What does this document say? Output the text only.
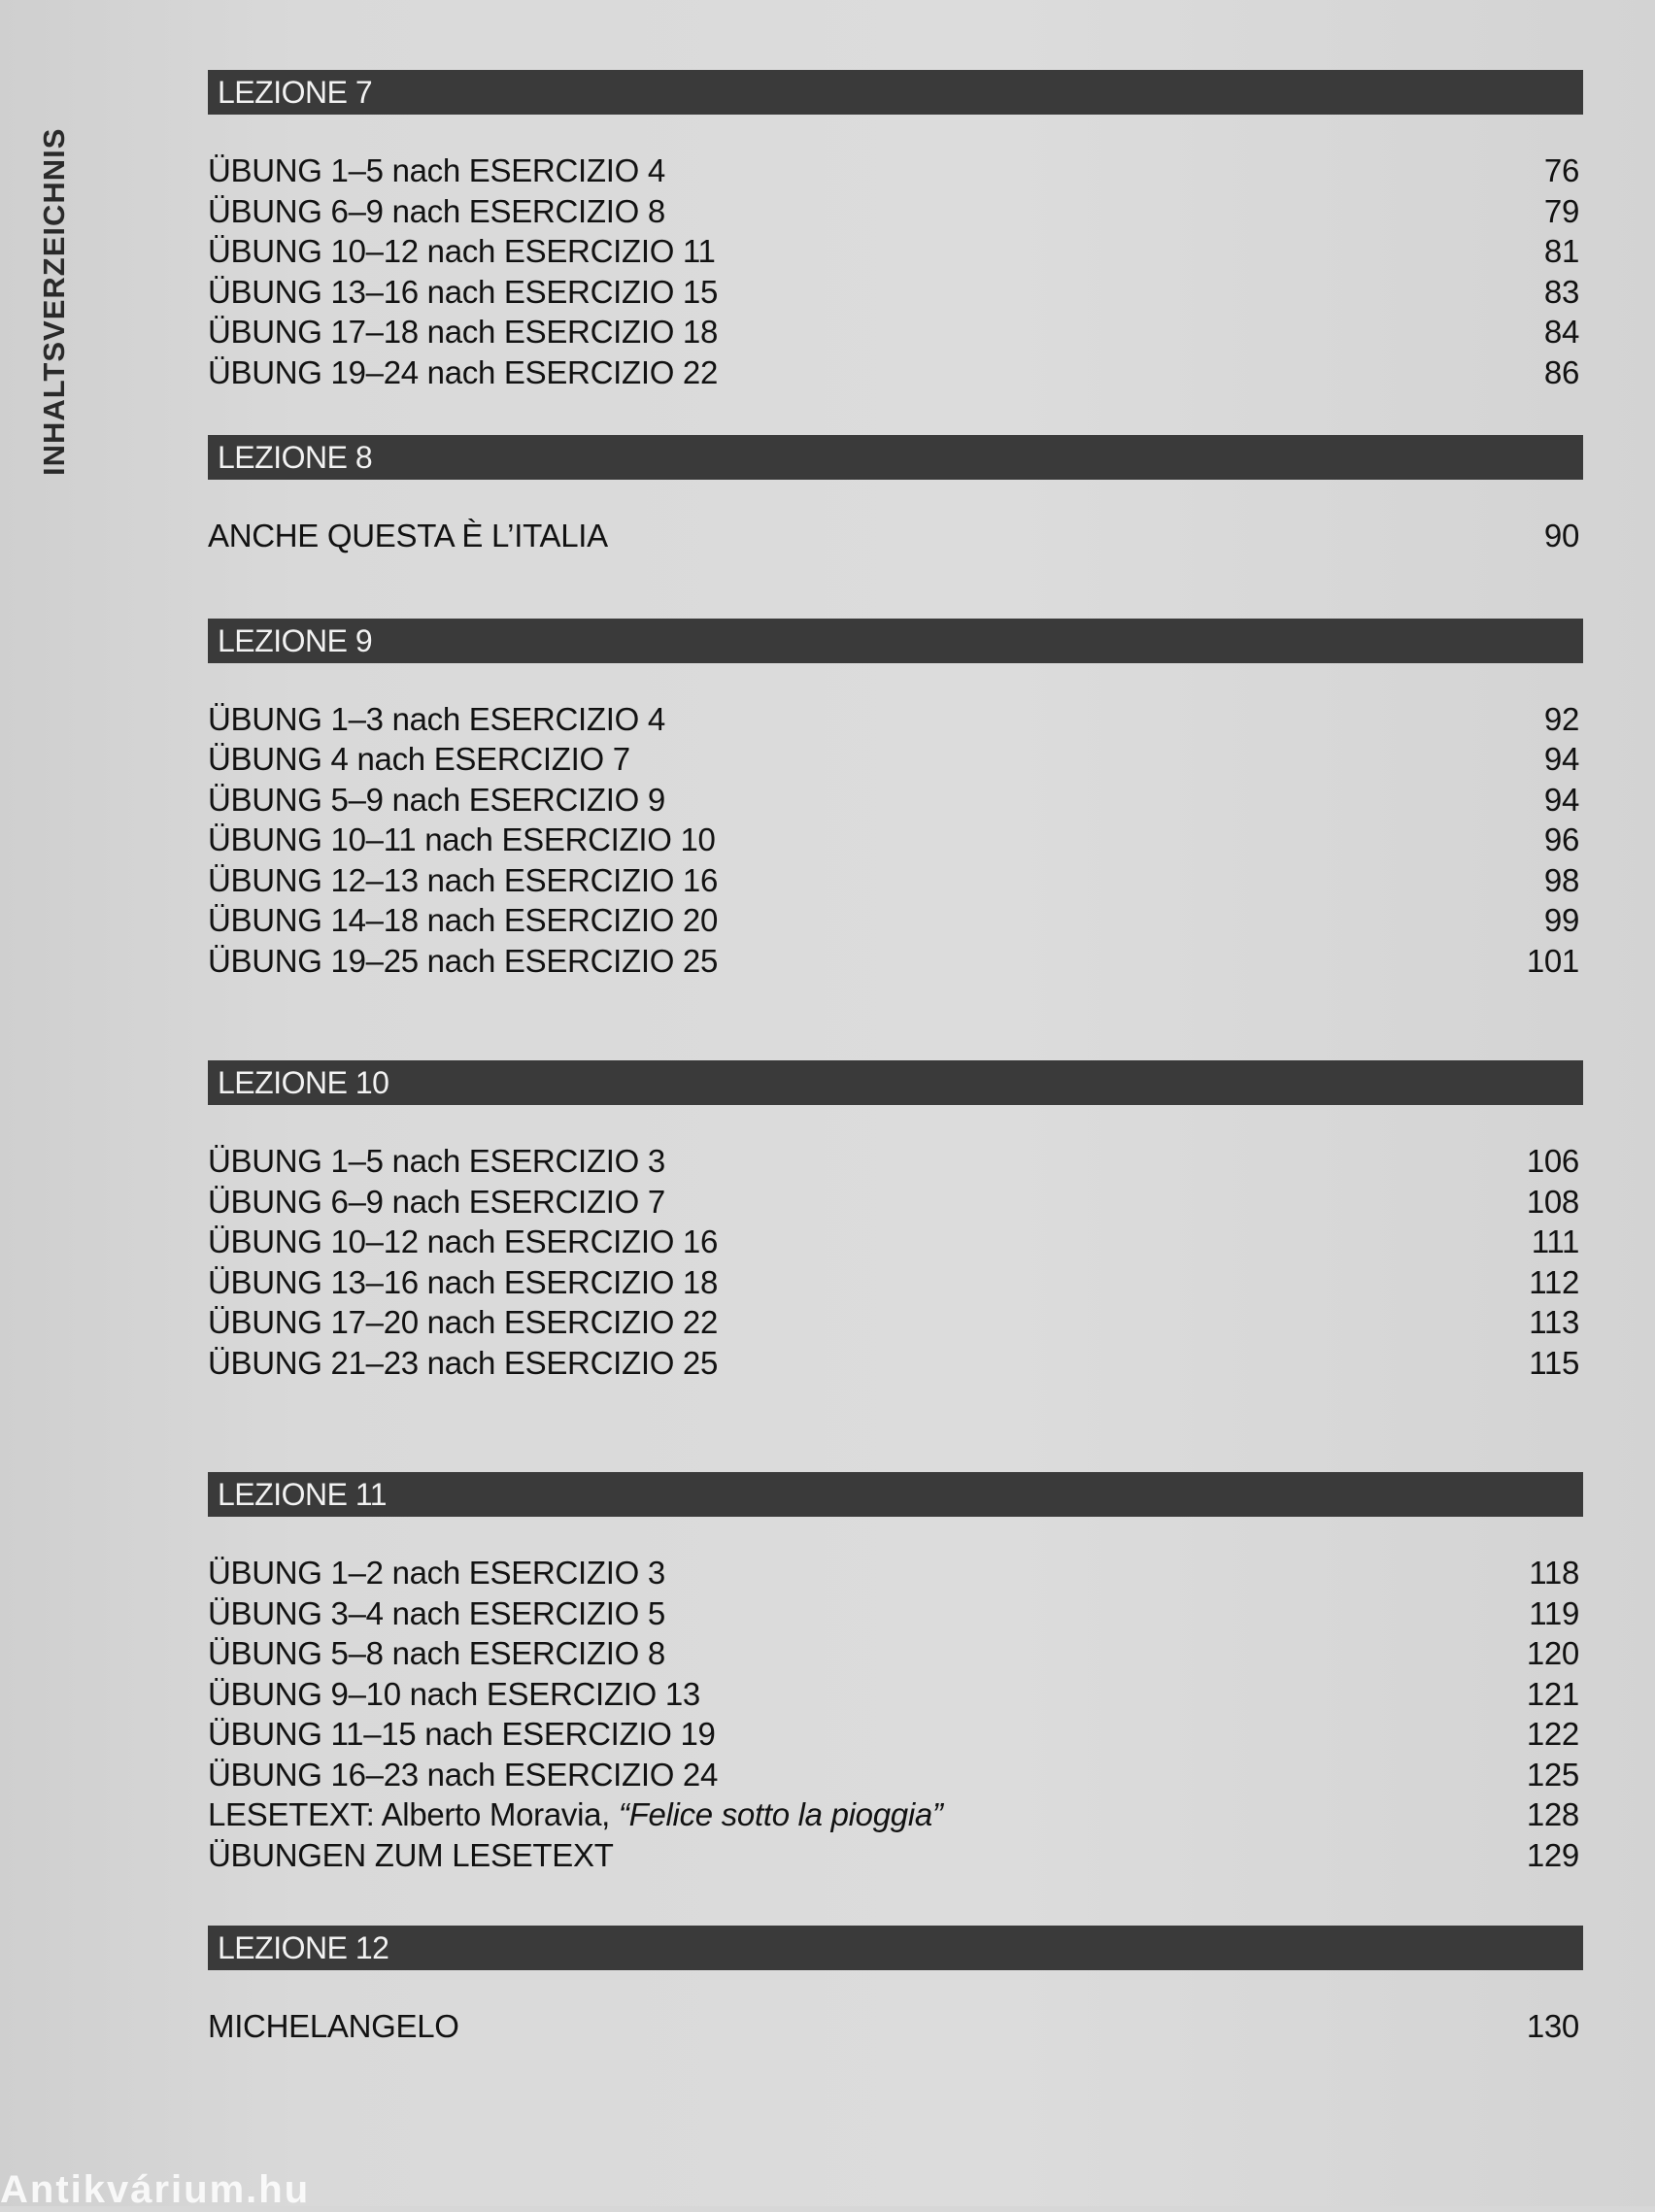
INHALTSVERZEICHNIS
LEZIONE 7
ÜBUNG 1–5 nach ESERCIZIO 4	76
ÜBUNG 6–9 nach ESERCIZIO 8	79
ÜBUNG 10–12 nach ESERCIZIO 11	81
ÜBUNG 13–16 nach ESERCIZIO 15	83
ÜBUNG 17–18 nach ESERCIZIO 18	84
ÜBUNG 19–24 nach ESERCIZIO 22	86
LEZIONE 8
ANCHE QUESTA È L’ITALIA	90
LEZIONE 9
ÜBUNG 1–3 nach ESERCIZIO 4	92
ÜBUNG 4 nach ESERCIZIO 7	94
ÜBUNG 5–9 nach ESERCIZIO 9	94
ÜBUNG 10–11 nach ESERCIZIO 10	96
ÜBUNG 12–13 nach ESERCIZIO 16	98
ÜBUNG 14–18 nach ESERCIZIO 20	99
ÜBUNG 19–25 nach ESERCIZIO 25	101
LEZIONE 10
ÜBUNG 1–5 nach ESERCIZIO 3	106
ÜBUNG 6–9 nach ESERCIZIO 7	108
ÜBUNG 10–12 nach ESERCIZIO 16	111
ÜBUNG 13–16 nach ESERCIZIO 18	112
ÜBUNG 17–20 nach ESERCIZIO 22	113
ÜBUNG 21–23 nach ESERCIZIO 25	115
LEZIONE 11
ÜBUNG 1–2 nach ESERCIZIO 3	118
ÜBUNG 3–4 nach ESERCIZIO 5	119
ÜBUNG 5–8 nach ESERCIZIO 8	120
ÜBUNG 9–10 nach ESERCIZIO 13	121
ÜBUNG 11–15 nach ESERCIZIO 19	122
ÜBUNG 16–23 nach ESERCIZIO 24	125
LESETEXT: Alberto Moravia, “Felice sotto la pioggia”	128
ÜBUNGEN ZUM LESETEXT	129
LEZIONE 12
MICHELANGELO	130
Antikvárium.hu
